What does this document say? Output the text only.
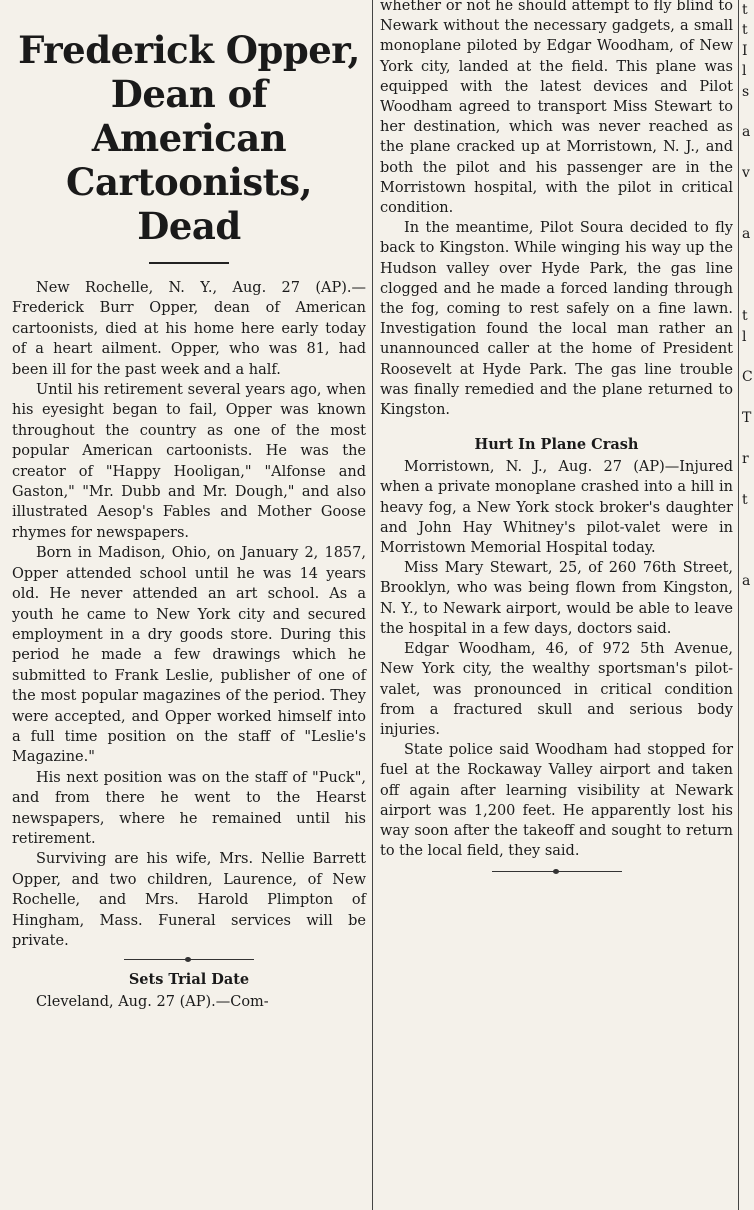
Frederick Opper, Dean of American Cartoonists, Dead

New Rochelle, N. Y., Aug. 27 (AP).—Frederick Burr Opper, dean of American cartoonists, died at his home here early today of a heart ailment. Opper, who was 81, had been ill for the past week and a half.

Until his retirement several years ago, when his eyesight began to fail, Opper was known throughout the country as one of the most popular American cartoonists. He was the creator of "Happy Hooligan," "Alfonse and Gaston," "Mr. Dubb and Mr. Dough," and also illustrated Aesop's Fables and Mother Goose rhymes for newspapers.

Born in Madison, Ohio, on January 2, 1857, Opper attended school until he was 14 years old. He never attended an art school. As a youth he came to New York city and secured employment in a dry goods store. During this period he made a few drawings which he submitted to Frank Leslie, publisher of one of the most popular magazines of the period. They were accepted, and Opper worked himself into a full time position on the staff of "Leslie's Magazine."

His next position was on the staff of "Puck", and from there he went to the Hearst newspapers, where he remained until his retirement.

Surviving are his wife, Mrs. Nellie Barrett Opper, and two children, Laurence, of New Rochelle, and Mrs. Harold Plimpton of Hingham, Mass. Funeral services will be private.

Sets Trial Date

Cleveland, Aug. 27 (AP).—Com-

whether or not he should attempt to fly blind to Newark without the necessary gadgets, a small monoplane piloted by Edgar Woodham, of New York city, landed at the field. This plane was equipped with the latest devices and Pilot Woodham agreed to transport Miss Stewart to her destination, which was never reached as the plane cracked up at Morristown, N. J., and both the pilot and his passenger are in the Morristown hospital, with the pilot in critical condition.

In the meantime, Pilot Soura decided to fly back to Kingston. While winging his way up the Hudson valley over Hyde Park, the gas line clogged and he made a forced landing through the fog, coming to rest safely on a fine lawn. Investigation found the local man rather an unannounced caller at the home of President Roosevelt at Hyde Park. The gas line trouble was finally remedied and the plane returned to Kingston.

Hurt In Plane Crash

Morristown, N. J., Aug. 27 (AP)—Injured when a private monoplane crashed into a hill in heavy fog, a New York stock broker's daughter and John Hay Whitney's pilot-valet were in Morristown Memorial Hospital today.

Miss Mary Stewart, 25, of 260 76th Street, Brooklyn, who was being flown from Kingston, N. Y., to Newark airport, would be able to leave the hospital in a few days, doctors said.

Edgar Woodham, 46, of 972 5th Avenue, New York city, the wealthy sportsman's pilot-valet, was pronounced in critical condition from a fractured skull and serious body injuries.

State police said Woodham had stopped for fuel at the Rockaway Valley airport and taken off again after learning visibility at Newark airport was 1,200 feet. He apparently lost his way soon after the takeoff and sought to return to the local field, they said.

t
t
I
l
s

a

v

a

t
l

C

T

r

t

a
